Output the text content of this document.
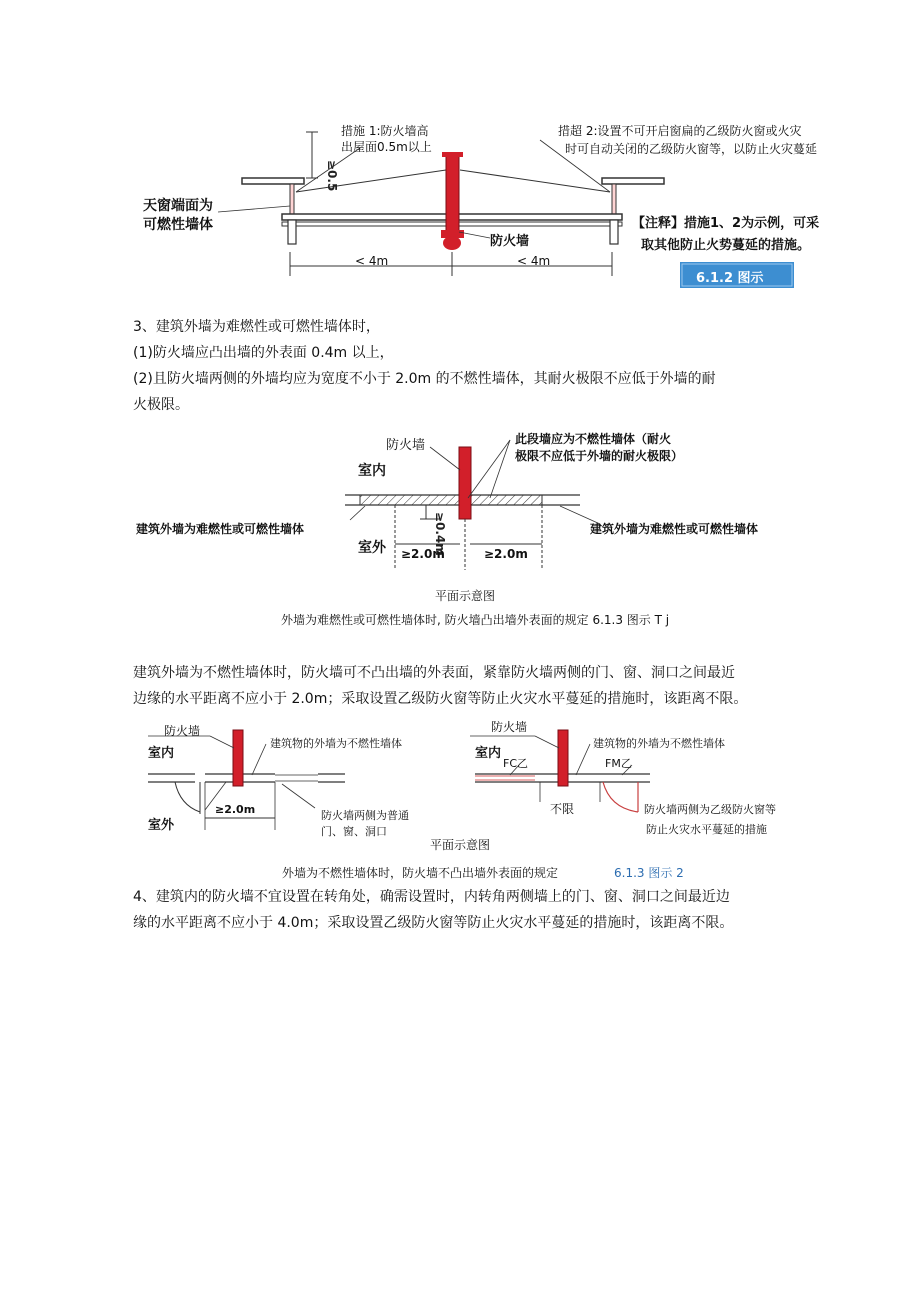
≥0.5
措施 1:防火墙高
出屋面0.5m以上
措超 2:设置不可开启窗扁的乙级防火窗或火灾
时可自动关闭的乙级防火窗等，以防止火灾蔓延
天窗端面为
可燃性墙体
防火墙
< 4m	< 4m
【注释】措施1、2为示例，可采
取其他防止火势蔓延的措施。
6.1.2 图示
3、建筑外墙为难燃性或可燃性墙体时，
(1)防火墙应凸出墙的外表面 0.4m 以上，
(2)且防火墙两侧的外墙均应为宽度不小于 2.0m 的不燃性墙体，其耐火极限不应低于外墙的耐
火极限。
≥0.4m
防火墙
室内
室外
此段墙应为不燃性墙体（耐火
极限不应低于外墙的耐火极限）
建筑外墙为难燃性或可燃性墙体	建筑外墙为难燃性或可燃性墙体
≥2.0m	≥2.0m
平面示意图
外墙为难燃性或可燃性墙体时, 防火墙凸出墙外表面的规定 6.1.3 图示 T j
建筑外墙为不燃性墙体时，防火墙可不凸出墙的外表面，紧靠防火墙两侧的门、窗、洞口之间最近
边缘的水平距离不应小于 2.0m；采取设置乙级防火窗等防止火灾水平蔓延的措施时，该距离不限。
防火墙
室内
室外
建筑物的外墙为不燃性墙体
≥2.0m	防火墙两侧为普通
门、窗、洞口
防火墙
室内
建筑物的外墙为不燃性墙体
FC乙	FM乙
不限	防火墙两侧为乙级防火窗等
防止火灾水平蔓延的措施
平面示意图
外墙为不燃性墙体时，防火墙不凸出墙外表面的规定	6.1.3 图示 2
4、建筑内的防火墙不宜设置在转角处，确需设置时，内转角两侧墙上的门、窗、洞口之间最近边
缘的水平距离不应小于 4.0m；采取设置乙级防火窗等防止火灾水平蔓延的措施时，该距离不限。
